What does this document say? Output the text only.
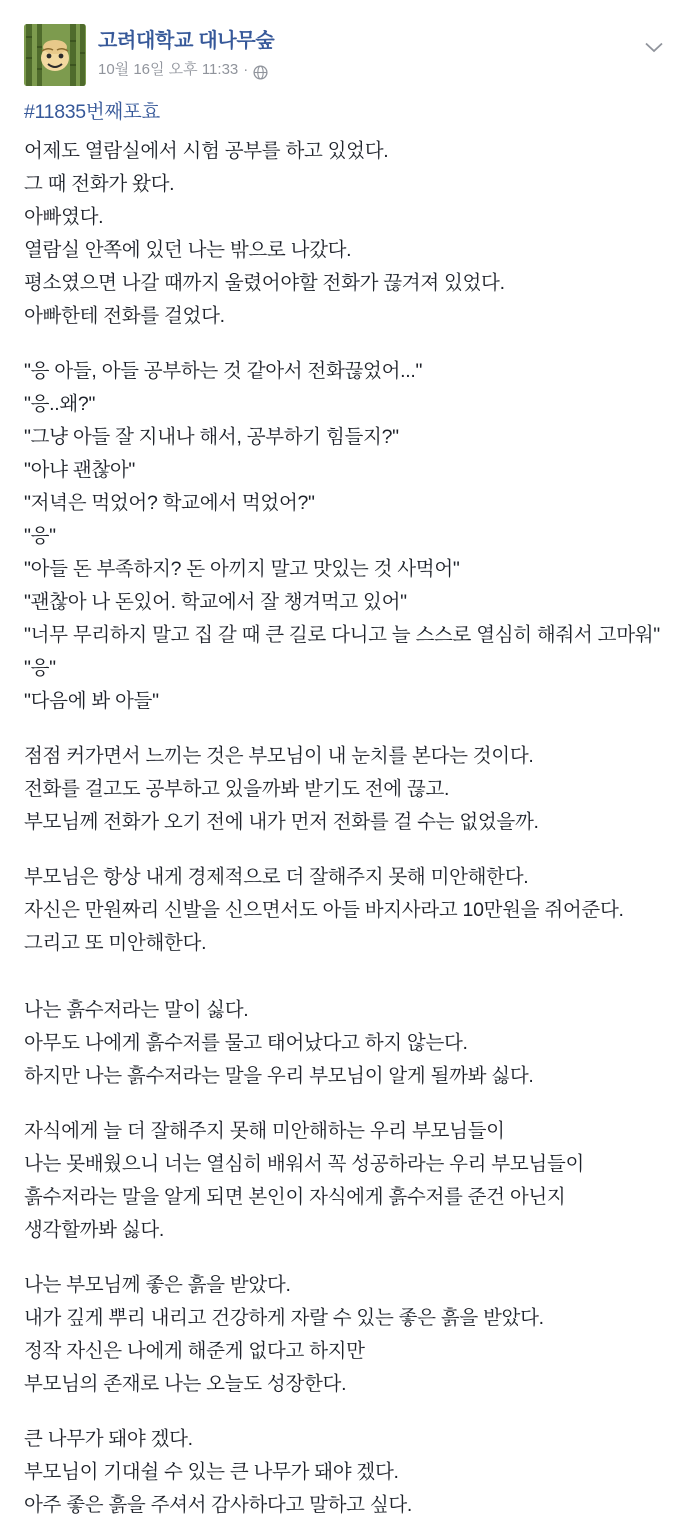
고려대학교 대나무숲
10월 16일 오후 11:33 ·
#11835번째포효
어제도 열람실에서 시험 공부를 하고 있었다.
그 때 전화가 왔다.
아빠였다.
열람실 안쪽에 있던 나는 밖으로 나갔다.
평소였으면 나갈 때까지 울렸어야할 전화가 끊겨져 있었다.
아빠한테 전화를 걸었다.
"응 아들, 아들 공부하는 것 같아서 전화끊었어..."
"응..왜?"
"그냥 아들 잘 지내나 해서, 공부하기 힘들지?"
"아냐 괜찮아"
"저녁은 먹었어? 학교에서 먹었어?"
"응"
"아들 돈 부족하지? 돈 아끼지 말고 맛있는 것 사먹어"
"괜찮아 나 돈있어. 학교에서 잘 챙겨먹고 있어"
"너무 무리하지 말고 집 갈 때 큰 길로 다니고 늘 스스로 열심히 해줘서 고마워"
"응"
"다음에 봐 아들"
점점 커가면서 느끼는 것은 부모님이 내 눈치를 본다는 것이다.
전화를 걸고도 공부하고 있을까봐 받기도 전에 끊고.
부모님께 전화가 오기 전에 내가 먼저 전화를 걸 수는 없었을까.
부모님은 항상 내게 경제적으로 더 잘해주지 못해 미안해한다.
자신은 만원짜리 신발을 신으면서도 아들 바지사라고 10만원을 쥐어준다.
그리고 또 미안해한다.
나는 흙수저라는 말이 싫다.
아무도 나에게 흙수저를 물고 태어났다고 하지 않는다.
하지만 나는 흙수저라는 말을 우리 부모님이 알게 될까봐 싫다.
자식에게 늘 더 잘해주지 못해 미안해하는 우리 부모님들이
나는 못배웠으니 너는 열심히 배워서 꼭 성공하라는 우리 부모님들이
흙수저라는 말을 알게 되면 본인이 자식에게 흙수저를 준건 아닌지
생각할까봐 싫다.
나는 부모님께 좋은 흙을 받았다.
내가 깊게 뿌리 내리고 건강하게 자랄 수 있는 좋은 흙을 받았다.
정작 자신은 나에게 해준게 없다고 하지만
부모님의 존재로 나는 오늘도 성장한다.
큰 나무가 돼야 겠다.
부모님이 기대쉴 수 있는 큰 나무가 돼야 겠다.
아주 좋은 흙을 주셔서 감사하다고 말하고 싶다.
